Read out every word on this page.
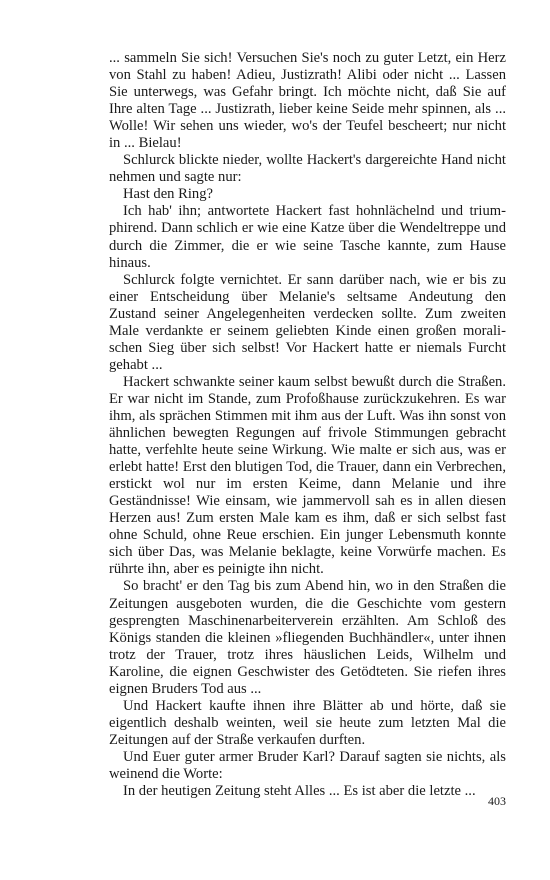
... sammeln Sie sich! Versuchen Sie's noch zu guter Letzt, ein Herz von Stahl zu haben! Adieu, Justizrath! Alibi oder nicht ... Lassen Sie unterwegs, was Gefahr bringt. Ich möchte nicht, daß Sie auf Ihre alten Tage ... Justizrath, lieber keine Seide mehr spinnen, als ... Wolle! Wir sehen uns wieder, wo's der Teufel bescheert; nur nicht in ... Bielau!

Schlurck blickte nieder, wollte Hackert's dargereichte Hand nicht nehmen und sagte nur:

Hast den Ring?

Ich hab' ihn; antwortete Hackert fast hohnlächelnd und triumphirend. Dann schlich er wie eine Katze über die Wendeltreppe und durch die Zimmer, die er wie seine Tasche kannte, zum Hause hinaus.

Schlurck folgte vernichtet. Er sann darüber nach, wie er bis zu einer Entscheidung über Melanie's seltsame Andeutung den Zustand seiner Angelegenheiten verdecken sollte. Zum zweiten Male verdankte er seinem geliebten Kinde einen großen moralischen Sieg über sich selbst! Vor Hackert hatte er niemals Furcht gehabt ...

Hackert schwankte seiner kaum selbst bewußt durch die Straßen. Er war nicht im Stande, zum Profoßhause zurückzukehren. Es war ihm, als sprächen Stimmen mit ihm aus der Luft. Was ihn sonst von ähnlichen bewegten Regungen auf frivole Stimmungen gebracht hatte, verfehlte heute seine Wirkung. Wie malte er sich aus, was er erlebt hatte! Erst den blutigen Tod, die Trauer, dann ein Verbrechen, erstickt wol nur im ersten Keime, dann Melanie und ihre Geständnisse! Wie einsam, wie jammervoll sah es in allen diesen Herzen aus! Zum ersten Male kam es ihm, daß er sich selbst fast ohne Schuld, ohne Reue erschien. Ein junger Lebensmuth konnte sich über Das, was Melanie beklagte, keine Vorwürfe machen. Es rührte ihn, aber es peinigte ihn nicht.

So bracht' er den Tag bis zum Abend hin, wo in den Straßen die Zeitungen ausgeboten wurden, die die Geschichte vom gestern gesprengten Maschinenarbeiterverein erzählten. Am Schloß des Königs standen die kleinen »fliegenden Buchhändler«, unter ihnen trotz der Trauer, trotz ihres häuslichen Leids, Wilhelm und Karoline, die eignen Geschwister des Getödteten. Sie riefen ihres eignen Bruders Tod aus ...

Und Hackert kaufte ihnen ihre Blätter ab und hörte, daß sie eigentlich deshalb weinten, weil sie heute zum letzten Mal die Zeitungen auf der Straße verkaufen durften.

Und Euer guter armer Bruder Karl? Darauf sagten sie nichts, als weinend die Worte:

In der heutigen Zeitung steht Alles ... Es ist aber die letzte ...

403
